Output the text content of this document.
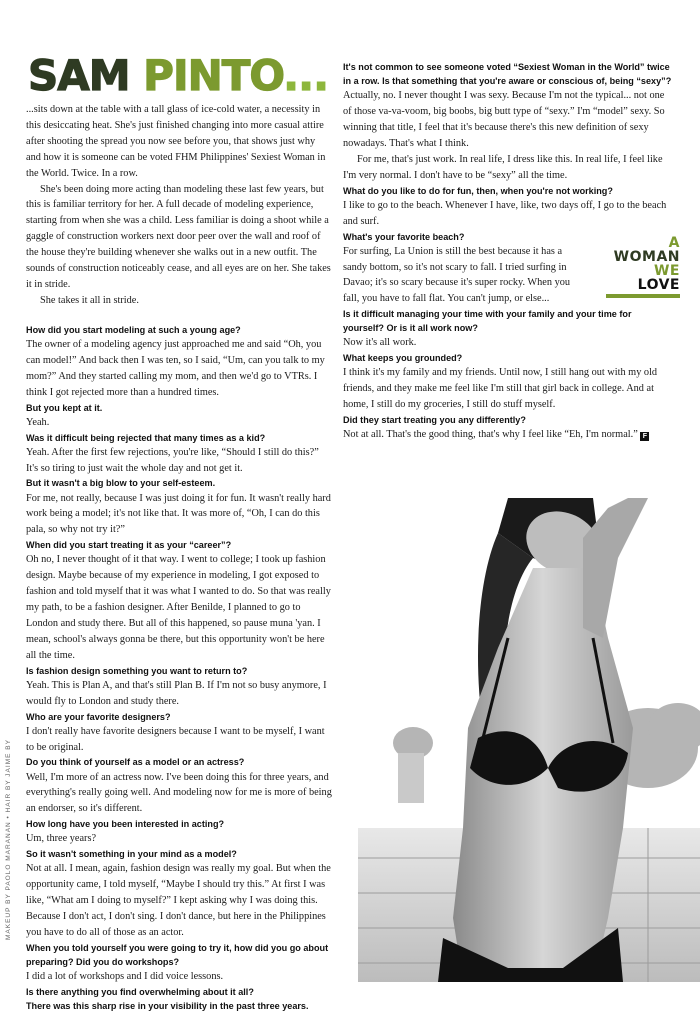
SAM PINTO...

...sits down at the table with a tall glass of ice-cold water, a necessity in this desiccating heat. She's just finished changing into more casual attire after shooting the spread you now see before you, that shows just why and how it is someone can be voted FHM Philippines' Sexiest Woman in the World. Twice. In a row.

She's been doing more acting than modeling these last few years, but this is familiar territory for her. A full decade of modeling experience, starting from when she was a child. Less familiar is doing a shoot while a gaggle of construction workers next door peer over the wall and roof of the house they're building whenever she walks out in a new outfit. The sounds of construction noticeably cease, and all eyes are on her. She takes it in stride.

She takes it all in stride.

How did you start modeling at such a young age?

The owner of a modeling agency just approached me and said “Oh, you can model!” And back then I was ten, so I said, “Um, can you talk to my mom?” And they started calling my mom, and then we'd go to VTRs. I think I got rejected more than a hundred times.

But you kept at it.

Yeah.

Was it difficult being rejected that many times as a kid?

Yeah. After the first few rejections, you're like, “Should I still do this?” It's so tiring to just wait the whole day and not get it.

But it wasn't a big blow to your self-esteem.

For me, not really, because I was just doing it for fun. It wasn't really hard work being a model; it's not like that. It was more of, “Oh, I can do this pala, so why not try it?”

When did you start treating it as your “career”?

Oh no, I never thought of it that way. I went to college; I took up fashion design. Maybe because of my experience in modeling, I got exposed to fashion and told myself that it was what I wanted to do. So that was really my path, to be a fashion designer. After Benilde, I planned to go to London and study there. But all of this happened, so pause muna 'yan. I mean, school's always gonna be there, but this opportunity won't be here all the time.

Is fashion design something you want to return to?

Yeah. This is Plan A, and that's still Plan B. If I'm not so busy anymore, I would fly to London and study there.

Who are your favorite designers?

I don't really have favorite designers because I want to be myself, I want to be original.

Do you think of yourself as a model or an actress?

Well, I'm more of an actress now. I've been doing this for three years, and everything's really going well. And modeling now for me is more of being an endorser, so it's different.

How long have you been interested in acting?

Um, three years?

So it wasn't something in your mind as a model?

Not at all. I mean, again, fashion design was really my goal. But when the opportunity came, I told myself, “Maybe I should try this.” At first I was like, “What am I doing to myself?” I kept asking why I was doing this. Because I don't act, I don't sing. I don't dance, but here in the Philippines you have to do all of those as an actor.

When you told yourself you were going to try it, how did you go about preparing? Did you do workshops?

I did a lot of workshops and I did voice lessons.

Is there anything you find overwhelming about it all?

There was this sharp rise in your visibility in the past three years.

It's not common to see someone voted “Sexiest Woman in the World” twice in a row. Is that something that you're aware or conscious of, being “sexy”?

Actually, no. I never thought I was sexy. Because I'm not the typical... not one of those va-va-voom, big boobs, big butt type of “sexy.” I'm “model” sexy. So winning that title, I feel that it's because there's this new definition of sexy nowadays. That's what I think.

For me, that's just work. In real life, I dress like this. In real life, I feel like I'm very normal. I don't have to be “sexy” all the time.

What do you like to do for fun, then, when you're not working?

I like to go to the beach. Whenever I have, like, two days off, I go to the beach and surf.

What's your favorite beach?

For surfing, La Union is still the best because it has a sandy bottom, so it's not scary to fall. I tried surfing in Davao; it's so scary because it's super rocky. When you fall, you have to fall flat. You can't jump, or else...

Is it difficult managing your time with your family and your time for yourself? Or is it all work now?

Now it's all work.

What keeps you grounded?

I think it's my family and my friends. Until now, I still hang out with my old friends, and they make me feel like I'm still that girl back in college. And at home, I still do my groceries, I still do stuff myself.

Did they start treating you any differently?

Not at all. That's the good thing, that's why I feel like “Eh, I'm normal.” F

A
WOMAN
WE
LOVE
MAKEUP BY PAOLO MARANAN • HAIR BY JAIME BY
